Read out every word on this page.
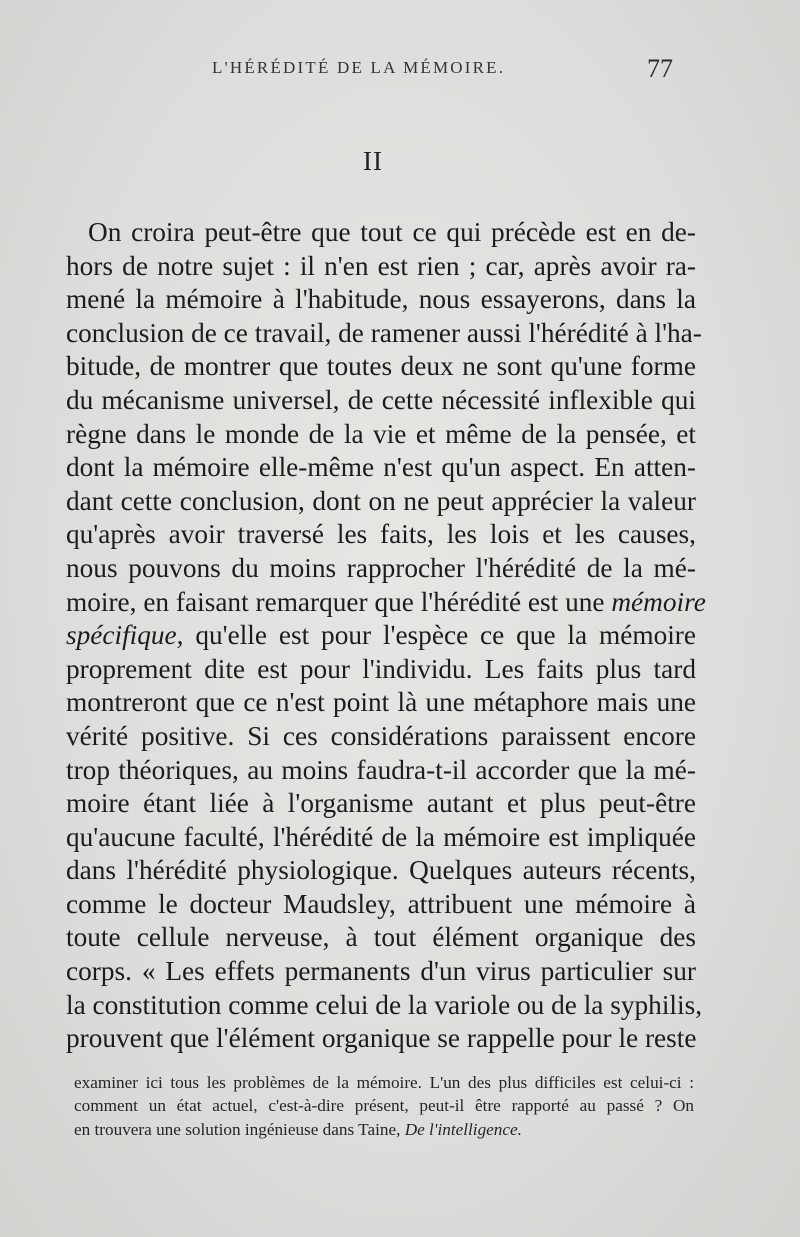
L'HÉRÉDITÉ DE LA MÉMOIRE.	77
II
On croira peut-être que tout ce qui précède est en de-
hors de notre sujet : il n'en est rien ; car, après avoir ra-
mené la mémoire à l'habitude, nous essayerons, dans la
conclusion de ce travail, de ramener aussi l'hérédité à l'ha-
bitude, de montrer que toutes deux ne sont qu'une forme
du mécanisme universel, de cette nécessité inflexible qui
règne dans le monde de la vie et même de la pensée, et
dont la mémoire elle-même n'est qu'un aspect. En atten-
dant cette conclusion, dont on ne peut apprécier la valeur
qu'après avoir traversé les faits, les lois et les causes,
nous pouvons du moins rapprocher l'hérédité de la mé-
moire, en faisant remarquer que l'hérédité est une mémoire
spécifique, qu'elle est pour l'espèce ce que la mémoire
proprement dite est pour l'individu. Les faits plus tard
montreront que ce n'est point là une métaphore mais une
vérité positive. Si ces considérations paraissent encore
trop théoriques, au moins faudra-t-il accorder que la mé-
moire étant liée à l'organisme autant et plus peut-être
qu'aucune faculté, l'hérédité de la mémoire est impliquée
dans l'hérédité physiologique. Quelques auteurs récents,
comme le docteur Maudsley, attribuent une mémoire à
toute cellule nerveuse, à tout élément organique des
corps. « Les effets permanents d'un virus particulier sur
la constitution comme celui de la variole ou de la syphilis,
prouvent que l'élément organique se rappelle pour le reste
examiner ici tous les problèmes de la mémoire. L'un des plus difficiles est celui-ci :
comment un état actuel, c'est-à-dire présent, peut-il être rapporté au passé ? On
en trouvera une solution ingénieuse dans Taine, De l'intelligence.
